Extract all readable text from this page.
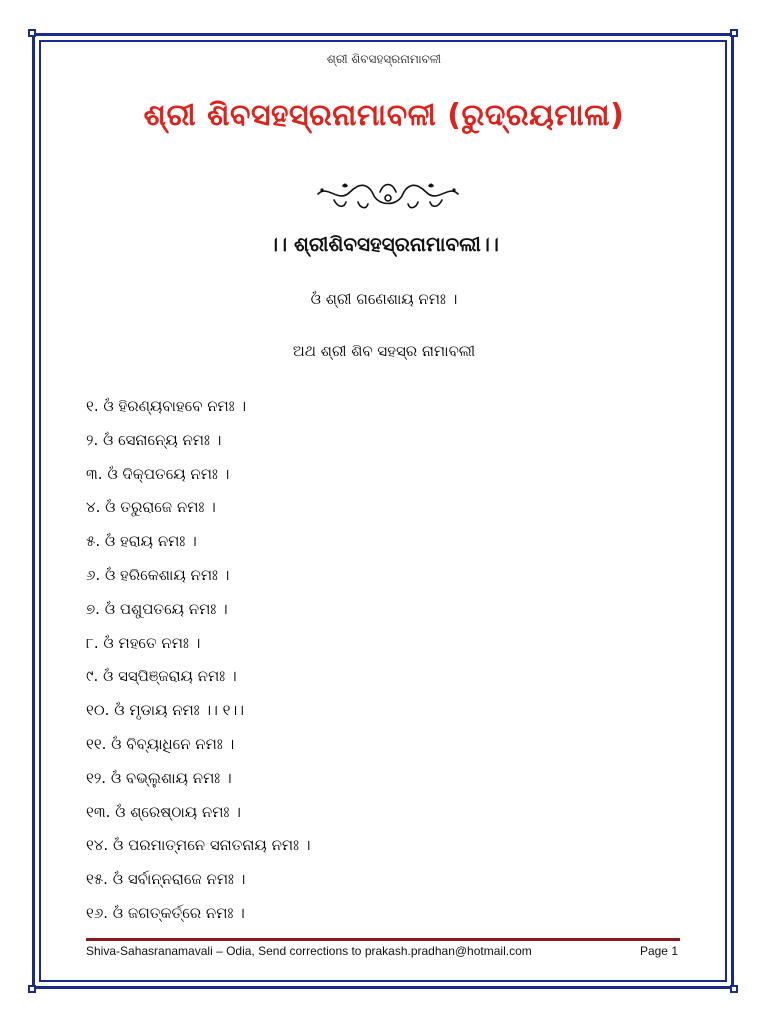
ଶ୍ରୀ ଶିବସହସ୍ରନାମାବଳୀ
ଶ୍ରୀ ଶିବସହସ୍ରନାମାବଳୀ (ରୁଦ୍ରୟମାଳା)
।। ଶ୍ରୀଶିବସହସ୍ରନାମାବଲୀ।।
ଓଁ ଶ୍ରୀ ଗଣେଶାୟ ନମଃ ।
ଅଥ ଶ୍ରୀ ଶିବ ସହସ୍ର ନାମାବଲୀ
୧. ଓଁ ହିରଣ୍ୟବାହବେ ନମଃ ।
୨. ଓଁ ସେନାନ୍ୟେ ନମଃ ।
୩. ଓଁ ଦିକ୍‌ପତୟେ ନମଃ ।
୪. ଓଁ ତରୁରାଜେ ନମଃ ।
୫. ଓଁ ହରାୟ ନମଃ ।
୬. ଓଁ ହରିକେଶାୟ ନମଃ ।
୭. ଓଁ ପଶୁପତୟେ ନମଃ ।
୮. ଓଁ ମହତେ ନମଃ ।
୯. ଓଁ ସସ୍ପିଞ୍ଜରାୟ ନମଃ ।
୧୦. ଓଁ ମୃଡାୟ ନମଃ ।। ୧।।
୧୧. ଓଁ ବିବ୍ୟାଧିନେ ନମଃ ।
୧୨. ଓଁ ବଭ୍ଲୁଶାୟ ନମଃ ।
୧୩. ଓଁ ଶ୍ରେଷ୍ଠାୟ ନମଃ ।
୧୪. ଓଁ ପରମାତ୍ମନେ ସନାତନାୟ ନମଃ ।
୧୫. ଓଁ ସର୍ବାନ୍ନରାଜେ ନମଃ ।
୧୬. ଓଁ ଜଗତ୍କର୍ତ୍ରେ ନମଃ ।
Shiva-Sahasranamavali – Odia, Send corrections to prakash.pradhan@hotmail.com	Page 1
